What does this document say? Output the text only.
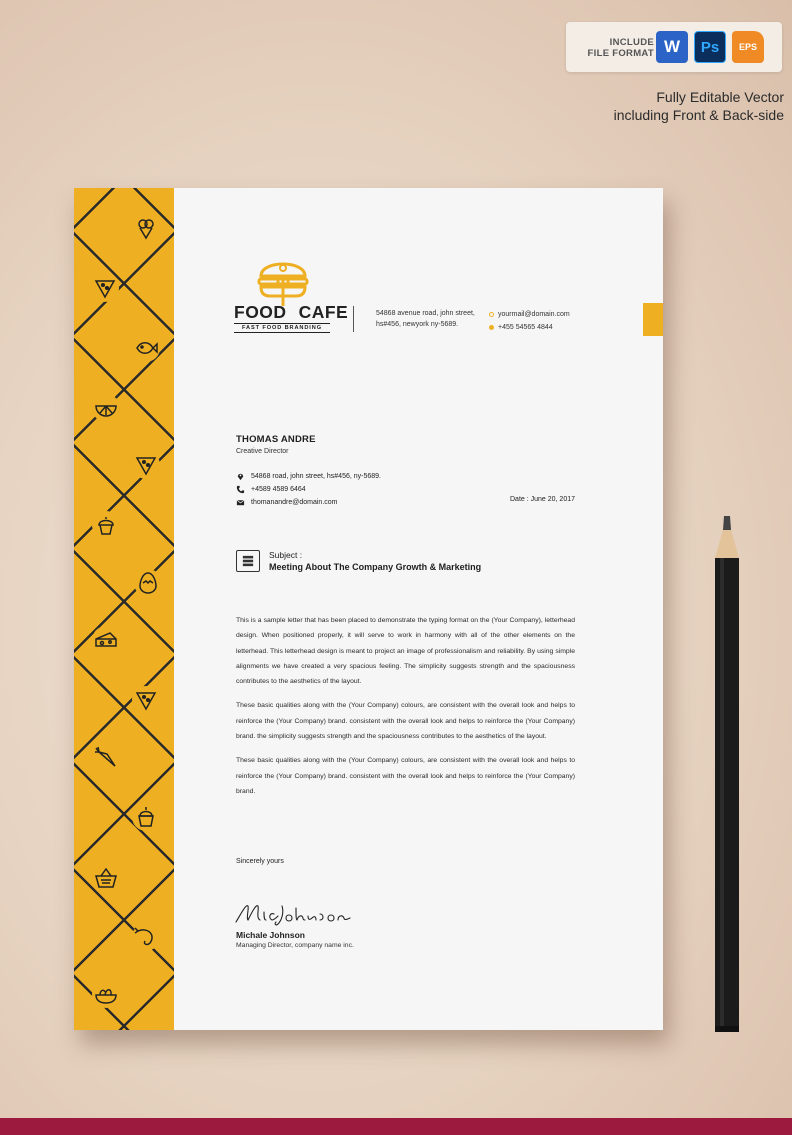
INCLUDE
FILE FORMAT W	Ps	EPS
Fully Editable Vector
including Front & Back-side
FOOD CAFE
FAST FOOD BRANDING
54868 avenue road, john street,
hs#456, newyork ny-5689.
yourmail@domain.com
+455 54565 4844
THOMAS ANDRE
Creative Director
54868 road, john street, hs#456, ny-5689.
+4589 4589 6464
thomanandre@domain.com	Date : June 20, 2017
Subject :
Meeting About The Company Growth & Marketing

This is a sample letter that has been placed to demonstrate the typing format on the (Your Company), letterhead design. When positioned properly, it will serve to work in harmony with all of the other elements on the letterhead. This letterhead design is meant to project an image of professionalism and reliability. By using simple alignments we have created a very spacious feeling. The simplicity suggests strength and the spaciousness contributes to the aesthetics of the layout.

These basic qualities along with the (Your Company) colours, are consistent with the overall look and helps to reinforce the (Your Company) brand. consistent with the overall look and helps to reinforce the (Your Company) brand. the simplicity suggests strength and the spaciousness contributes to the aesthetics of the layout.

These basic qualities along with the (Your Company) colours, are consistent with the overall look and helps to reinforce the (Your Company) brand. consistent with the overall look and helps to reinforce the (Your Company) brand.

Sincerely yours
Michale Johnson
Managing Director, company name inc.
